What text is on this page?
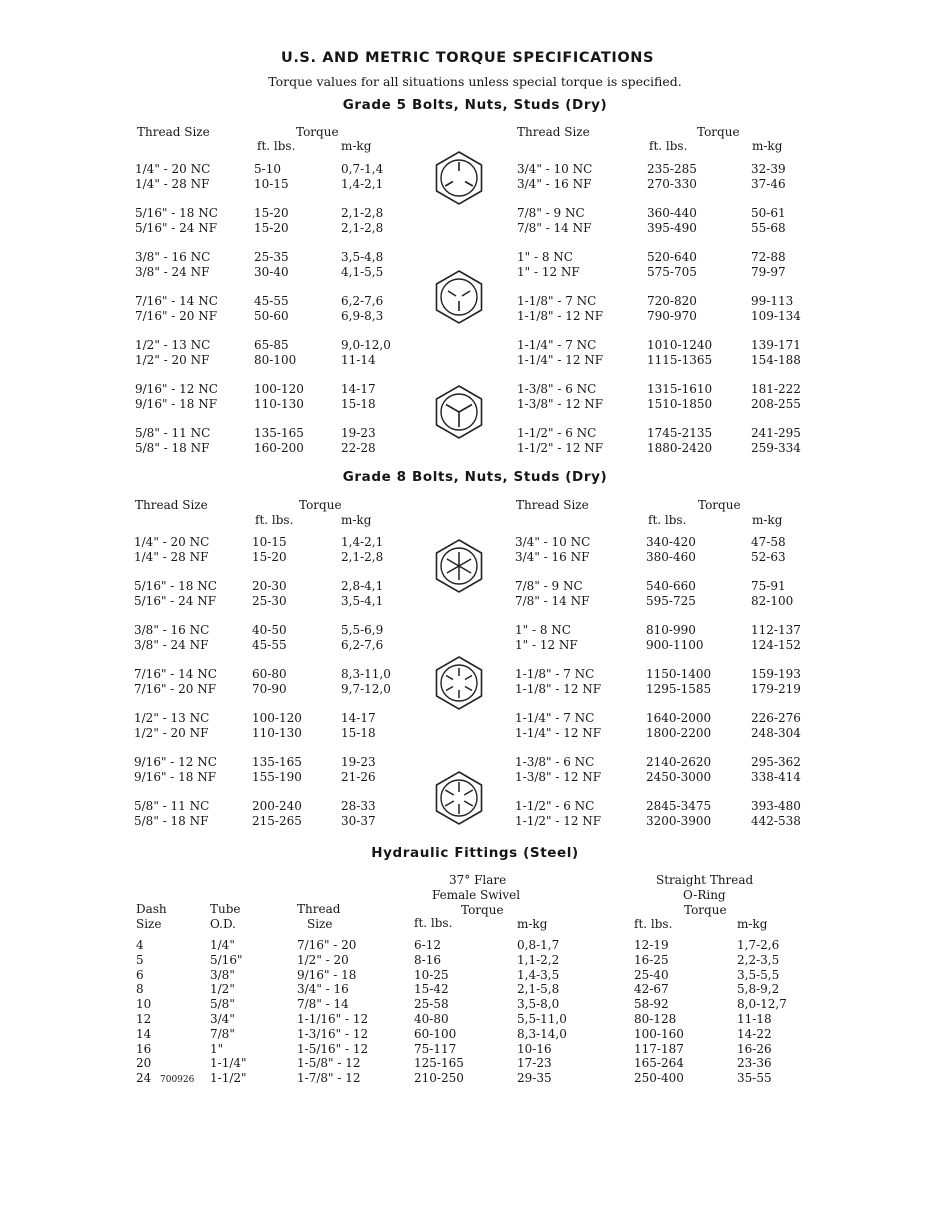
U.S. AND METRIC TORQUE SPECIFICATIONS

Torque values for all situations unless special torque is specified.

Grade 5 Bolts, Nuts, Studs (Dry)
Thread Size	Torque
ft. lbs.	m-kg
Thread Size	Torque
ft. lbs.	m-kg
1/4" - 20 NC	5-10	0,7-1,4
1/4" - 28 NF	10-15	1,4-2,1
5/16" - 18 NC	15-20	2,1-2,8
5/16" - 24 NF	15-20	2,1-2,8
3/8" - 16 NC	25-35	3,5-4,8
3/8" - 24 NF	30-40	4,1-5,5
7/16" - 14 NC	45-55	6,2-7,6
7/16" - 20 NF	50-60	6,9-8,3
1/2" - 13 NC	65-85	9,0-12,0
1/2" - 20 NF	80-100	11-14
9/16" - 12 NC	100-120	14-17
9/16" - 18 NF	110-130	15-18
5/8" - 11 NC	135-165	19-23
5/8" - 18 NF	160-200	22-28
3/4" - 10 NC	235-285	32-39
3/4" - 16 NF	270-330	37-46
7/8" - 9 NC	360-440	50-61
7/8" - 14 NF	395-490	55-68
1" - 8 NC	520-640	72-88
1" - 12 NF	575-705	79-97
1-1/8" - 7 NC	720-820	99-113
1-1/8" - 12 NF	790-970	109-134
1-1/4" - 7 NC	1010-1240	139-171
1-1/4" - 12 NF	1115-1365	154-188
1-3/8" - 6 NC	1315-1610	181-222
1-3/8" - 12 NF	1510-1850	208-255
1-1/2" - 6 NC	1745-2135	241-295
1-1/2" - 12 NF	1880-2420	259-334
Grade 8 Bolts, Nuts, Studs (Dry)
Thread Size	Torque
ft. lbs.	m-kg
Thread Size	Torque
ft. lbs.	m-kg
1/4" - 20 NC	10-15	1,4-2,1
1/4" - 28 NF	15-20	2,1-2,8
5/16" - 18 NC	20-30	2,8-4,1
5/16" - 24 NF	25-30	3,5-4,1
3/8" - 16 NC	40-50	5,5-6,9
3/8" - 24 NF	45-55	6,2-7,6
7/16" - 14 NC	60-80	8,3-11,0
7/16" - 20 NF	70-90	9,7-12,0
1/2" - 13 NC	100-120	14-17
1/2" - 20 NF	110-130	15-18
9/16" - 12 NC	135-165	19-23
9/16" - 18 NF	155-190	21-26
5/8" - 11 NC	200-240	28-33
5/8" - 18 NF	215-265	30-37
3/4" - 10 NC	340-420	47-58
3/4" - 16 NF	380-460	52-63
7/8" - 9 NC	540-660	75-91
7/8" - 14 NF	595-725	82-100
1" - 8 NC	810-990	112-137
1" - 12 NF	900-1100	124-152
1-1/8" - 7 NC	1150-1400	159-193
1-1/8" - 12 NF	1295-1585	179-219
1-1/4" - 7 NC	1640-2000	226-276
1-1/4" - 12 NF	1800-2200	248-304
1-3/8" - 6 NC	2140-2620	295-362
1-3/8" - 12 NF	2450-3000	338-414
1-1/2" - 6 NC	2845-3475	393-480
1-1/2" - 12 NF	3200-3900	442-538
Hydraulic Fittings (Steel)
37° Flare
Female Swivel
Torque
Straight Thread
O-Ring
Torque
Dash
Size
Tube
O.D.
Thread
Size	ft. lbs.	m-kg	ft. lbs.	m-kg
4	1/4"	7/16" - 20	6-12	0,8-1,7	12-19	1,7-2,6
5	5/16"	1/2" - 20	8-16	1,1-2,2	16-25	2,2-3,5
6	3/8"	9/16" - 18	10-25	1,4-3,5	25-40	3,5-5,5
8	1/2"	3/4" - 16	15-42	2,1-5,8	42-67	5,8-9,2
10	5/8"	7/8" - 14	25-58	3,5-8,0	58-92	8,0-12,7
12	3/4"	1-1/16" - 12	40-80	5,5-11,0	80-128	11-18
14	7/8"	1-3/16" - 12	60-100	8,3-14,0	100-160	14-22
16	1"	1-5/16" - 12	75-117	10-16	117-187	16-26
20	1-1/4"	1-5/8" - 12	125-165	17-23	165-264	23-36
24	1-1/2"	1-7/8" - 12	210-250	29-35	250-400	35-55
700926
